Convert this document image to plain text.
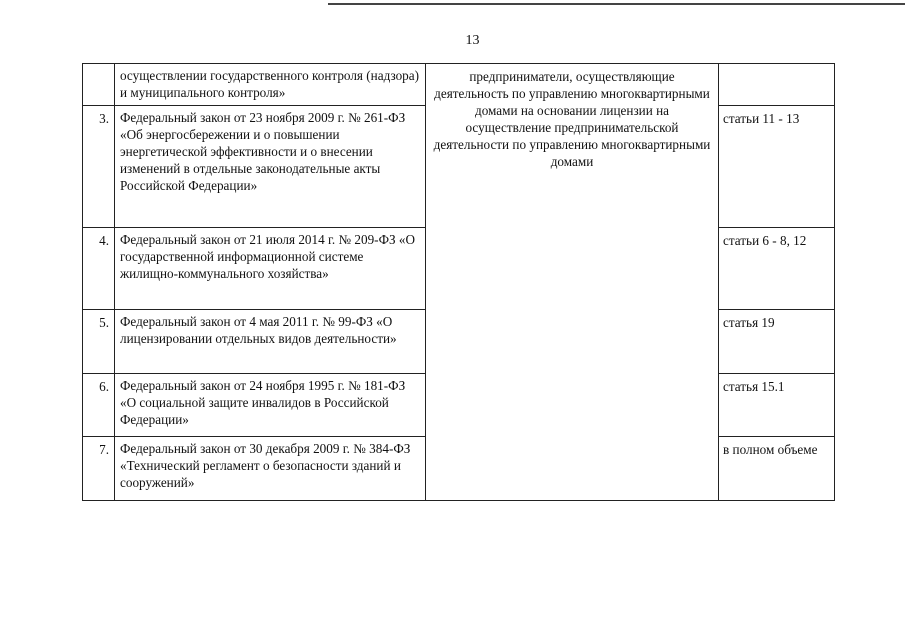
13
	осуществлении государственного контроля (надзора) и муниципального контроля»	предприниматели, осуществляющие деятельность по управлению многоквартирными домами на основании лицензии на осуществление предпринимательской деятельности по управлению многоквартирными домами	
3.	Федеральный закон от 23 ноября 2009 г. № 261-ФЗ «Об энергосбережении и о повышении энергетической эффективности и о внесении изменений в отдельные законодательные акты Российской Федерации»		статьи 11 - 13
4.	Федеральный закон от 21 июля 2014 г. № 209-ФЗ «О государственной информационной системе жилищно-коммунального хозяйства»		статьи 6 - 8, 12
5.	Федеральный закон от 4 мая 2011 г. № 99-ФЗ «О лицензировании отдельных видов деятельности»		статья 19
6.	Федеральный закон от 24 ноября 1995 г. № 181-ФЗ «О социальной защите инвалидов в Российской Федерации»		статья 15.1
7.	Федеральный закон от 30 декабря 2009 г. № 384-ФЗ «Технический регламент о безопасности зданий и сооружений»		в полном объеме
